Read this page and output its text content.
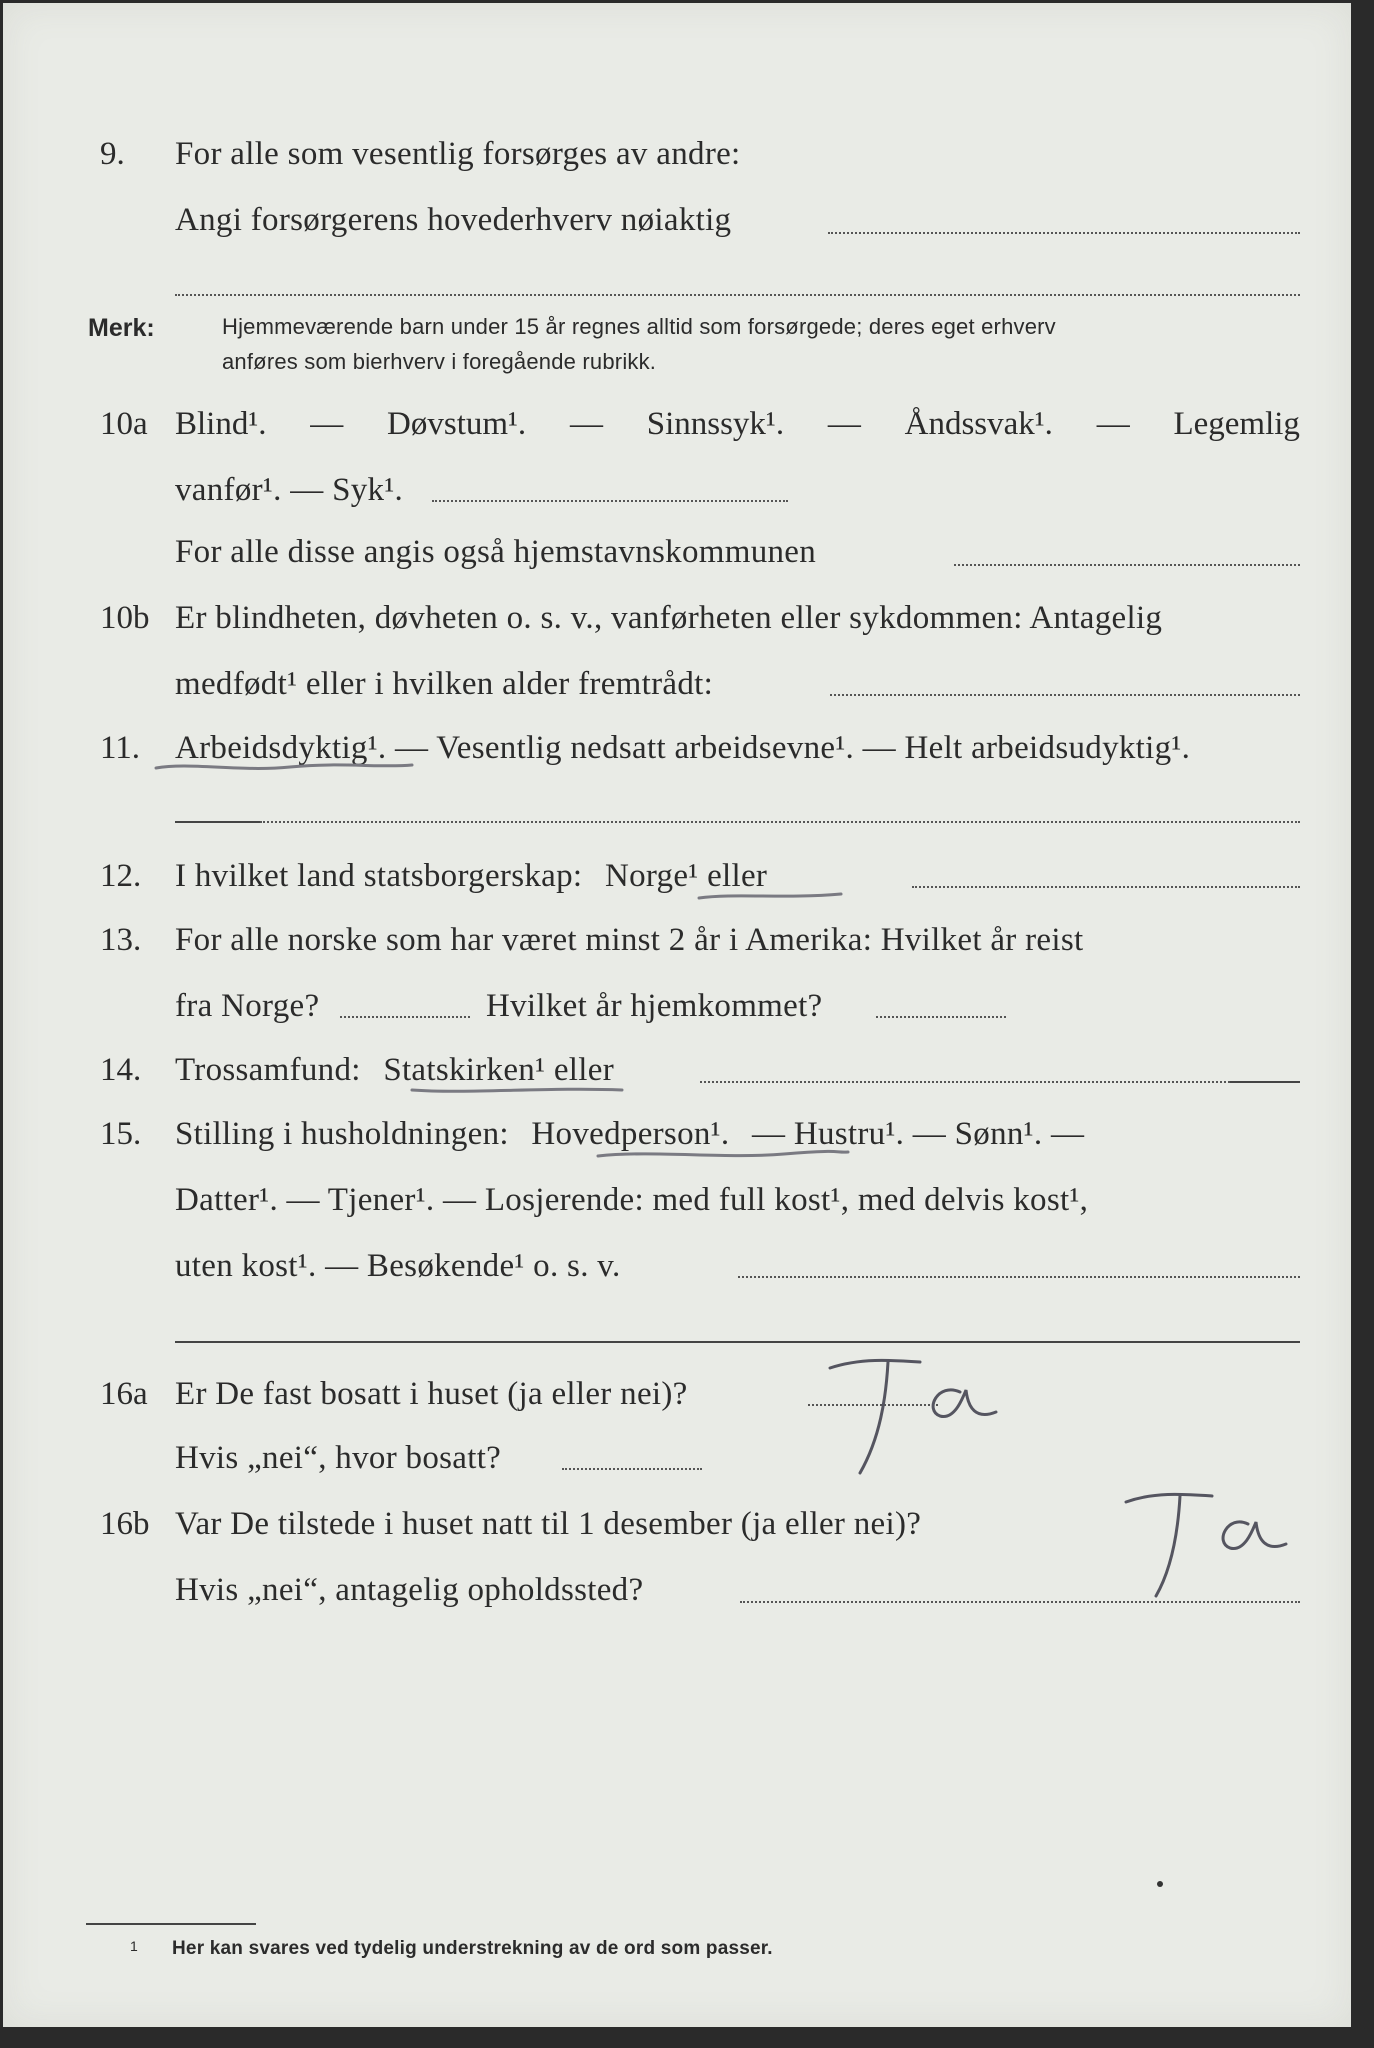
9. For alle som vesentlig forsørges av andre:
Angi forsørgerens hovederhverv nøiaktig
Merk:	Hjemmeværende barn under 15 år regnes alltid som forsørgede; deres eget erhverv
anføres som bierhverv i foregående rubrikk.
10a Blind¹. — Døvstum¹. — Sinnssyk¹. — Åndssvak¹. — Legemlig
vanfør¹. — Syk¹.
For alle disse angis også hjemstavnskommunen
10b Er blindheten, døvheten o. s. v., vanførheten eller sykdommen: Antagelig
medfødt¹ eller i hvilken alder fremtrådt:
11. Arbeidsdyktig¹. — Vesentlig nedsatt arbeidsevne¹. — Helt arbeidsudyktig¹.
12. I hvilket land statsborgerskap: Norge¹ eller
13. For alle norske som har været minst 2 år i Amerika: Hvilket år reist
fra Norge?	Hvilket år hjemkommet?
14. Trossamfund: Statskirken¹ eller
15. Stilling i husholdningen: Hovedperson¹. — Hustru¹. — Sønn¹. —
Datter¹. — Tjener¹. — Losjerende: med full kost¹, med delvis kost¹,
uten kost¹. — Besøkende¹ o. s. v.
16a Er De fast bosatt i huset (ja eller nei)?
Hvis „nei“, hvor bosatt?
16b Var De tilstede i huset natt til 1 desember (ja eller nei)?
Hvis „nei“, antagelig opholdssted?
1 Her kan svares ved tydelig understrekning av de ord som passer.
